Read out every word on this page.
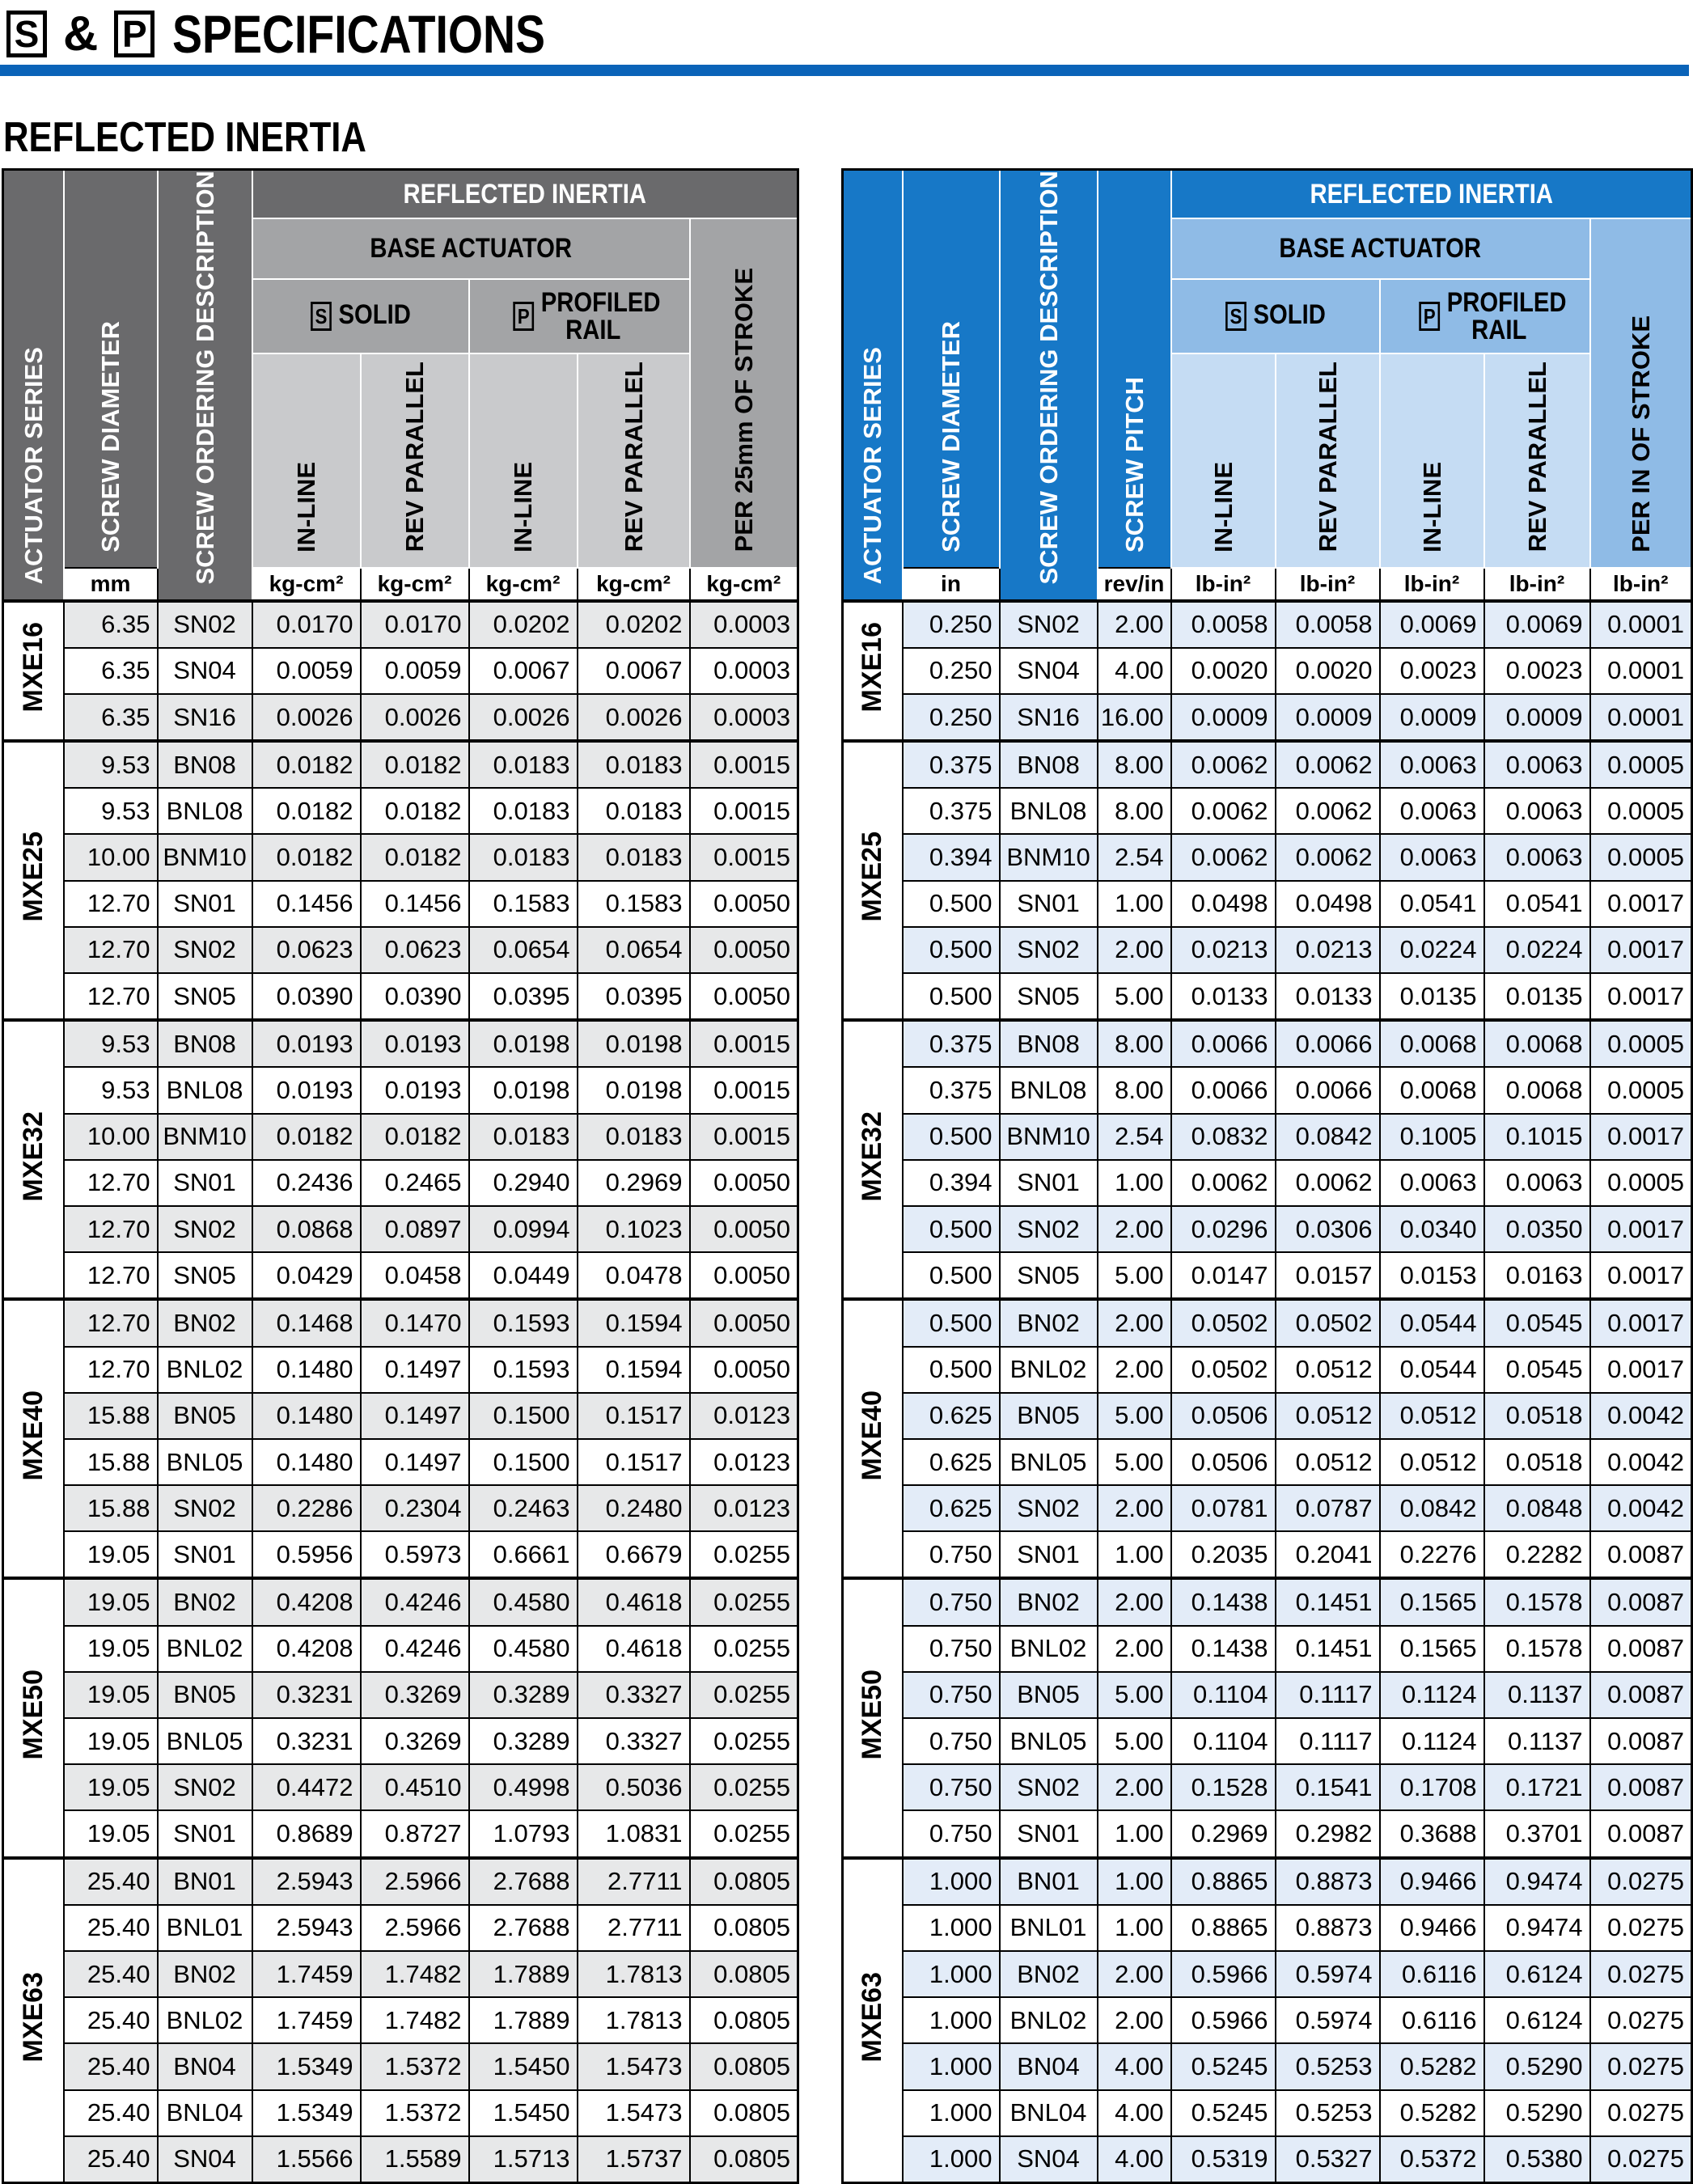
S & P SPECIFICATIONS
REFLECTED INERTIA
ACTUATOR SERIES	SCREW DIAMETER	SCREW ORDERING DESCRIPTION	REFLECTED INERTIA				
			BASE ACTUATOR				PER 25mm OF STROKE
			S SOLID		P PROFILED RAIL		

			IN-LINE	REV PARALLEL	IN-LINE	REV PARALLEL	
	mm		kg-cm²	kg-cm²	kg-cm²	kg-cm²	kg-cm²
MXE16	6.35	SN02	0.0170	0.0170	0.0202	0.0202	0.0003
	6.35	SN04	0.0059	0.0059	0.0067	0.0067	0.0003
	6.35	SN16	0.0026	0.0026	0.0026	0.0026	0.0003
MXE25	9.53	BN08	0.0182	0.0182	0.0183	0.0183	0.0015
	9.53	BNL08	0.0182	0.0182	0.0183	0.0183	0.0015
	10.00	BNM10	0.0182	0.0182	0.0183	0.0183	0.0015
	12.70	SN01	0.1456	0.1456	0.1583	0.1583	0.0050
	12.70	SN02	0.0623	0.0623	0.0654	0.0654	0.0050
	12.70	SN05	0.0390	0.0390	0.0395	0.0395	0.0050
MXE32	9.53	BN08	0.0193	0.0193	0.0198	0.0198	0.0015
	9.53	BNL08	0.0193	0.0193	0.0198	0.0198	0.0015
	10.00	BNM10	0.0182	0.0182	0.0183	0.0183	0.0015
	12.70	SN01	0.2436	0.2465	0.2940	0.2969	0.0050
	12.70	SN02	0.0868	0.0897	0.0994	0.1023	0.0050
	12.70	SN05	0.0429	0.0458	0.0449	0.0478	0.0050
MXE40	12.70	BN02	0.1468	0.1470	0.1593	0.1594	0.0050
	12.70	BNL02	0.1480	0.1497	0.1593	0.1594	0.0050
	15.88	BN05	0.1480	0.1497	0.1500	0.1517	0.0123
	15.88	BNL05	0.1480	0.1497	0.1500	0.1517	0.0123
	15.88	SN02	0.2286	0.2304	0.2463	0.2480	0.0123
	19.05	SN01	0.5956	0.5973	0.6661	0.6679	0.0255
MXE50	19.05	BN02	0.4208	0.4246	0.4580	0.4618	0.0255
	19.05	BNL02	0.4208	0.4246	0.4580	0.4618	0.0255
	19.05	BN05	0.3231	0.3269	0.3289	0.3327	0.0255
	19.05	BNL05	0.3231	0.3269	0.3289	0.3327	0.0255
	19.05	SN02	0.4472	0.4510	0.4998	0.5036	0.0255
	19.05	SN01	0.8689	0.8727	1.0793	1.0831	0.0255
MXE63	25.40	BN01	2.5943	2.5966	2.7688	2.7711	0.0805
	25.40	BNL01	2.5943	2.5966	2.7688	2.7711	0.0805
	25.40	BN02	1.7459	1.7482	1.7889	1.7813	0.0805
	25.40	BNL02	1.7459	1.7482	1.7889	1.7813	0.0805
	25.40	BN04	1.5349	1.5372	1.5450	1.5473	0.0805
	25.40	BNL04	1.5349	1.5372	1.5450	1.5473	0.0805
	25.40	SN04	1.5566	1.5589	1.5713	1.5737	0.0805
ACTUATOR SERIES	SCREW DIAMETER	SCREW ORDERING DESCRIPTION	SCREW PITCH	REFLECTED INERTIA				
				BASE ACTUATOR				PER IN OF STROKE
				S SOLID		P PROFILED RAIL		

				IN-LINE	REV PARALLEL	IN-LINE	REV PARALLEL	
	in		rev/in	lb-in²	lb-in²	lb-in²	lb-in²	lb-in²
MXE16	0.250	SN02	2.00	0.0058	0.0058	0.0069	0.0069	0.0001
	0.250	SN04	4.00	0.0020	0.0020	0.0023	0.0023	0.0001
	0.250	SN16	16.00	0.0009	0.0009	0.0009	0.0009	0.0001
MXE25	0.375	BN08	8.00	0.0062	0.0062	0.0063	0.0063	0.0005
	0.375	BNL08	8.00	0.0062	0.0062	0.0063	0.0063	0.0005
	0.394	BNM10	2.54	0.0062	0.0062	0.0063	0.0063	0.0005
	0.500	SN01	1.00	0.0498	0.0498	0.0541	0.0541	0.0017
	0.500	SN02	2.00	0.0213	0.0213	0.0224	0.0224	0.0017
	0.500	SN05	5.00	0.0133	0.0133	0.0135	0.0135	0.0017
MXE32	0.375	BN08	8.00	0.0066	0.0066	0.0068	0.0068	0.0005
	0.375	BNL08	8.00	0.0066	0.0066	0.0068	0.0068	0.0005
	0.500	BNM10	2.54	0.0832	0.0842	0.1005	0.1015	0.0017
	0.394	SN01	1.00	0.0062	0.0062	0.0063	0.0063	0.0005
	0.500	SN02	2.00	0.0296	0.0306	0.0340	0.0350	0.0017
	0.500	SN05	5.00	0.0147	0.0157	0.0153	0.0163	0.0017
MXE40	0.500	BN02	2.00	0.0502	0.0502	0.0544	0.0545	0.0017
	0.500	BNL02	2.00	0.0502	0.0512	0.0544	0.0545	0.0017
	0.625	BN05	5.00	0.0506	0.0512	0.0512	0.0518	0.0042
	0.625	BNL05	5.00	0.0506	0.0512	0.0512	0.0518	0.0042
	0.625	SN02	2.00	0.0781	0.0787	0.0842	0.0848	0.0042
	0.750	SN01	1.00	0.2035	0.2041	0.2276	0.2282	0.0087
MXE50	0.750	BN02	2.00	0.1438	0.1451	0.1565	0.1578	0.0087
	0.750	BNL02	2.00	0.1438	0.1451	0.1565	0.1578	0.0087
	0.750	BN05	5.00	0.1104	0.1117	0.1124	0.1137	0.0087
	0.750	BNL05	5.00	0.1104	0.1117	0.1124	0.1137	0.0087
	0.750	SN02	2.00	0.1528	0.1541	0.1708	0.1721	0.0087
	0.750	SN01	1.00	0.2969	0.2982	0.3688	0.3701	0.0087
MXE63	1.000	BN01	1.00	0.8865	0.8873	0.9466	0.9474	0.0275
	1.000	BNL01	1.00	0.8865	0.8873	0.9466	0.9474	0.0275
	1.000	BN02	2.00	0.5966	0.5974	0.6116	0.6124	0.0275
	1.000	BNL02	2.00	0.5966	0.5974	0.6116	0.6124	0.0275
	1.000	BN04	4.00	0.5245	0.5253	0.5282	0.5290	0.0275
	1.000	BNL04	4.00	0.5245	0.5253	0.5282	0.5290	0.0275
	1.000	SN04	4.00	0.5319	0.5327	0.5372	0.5380	0.0275
